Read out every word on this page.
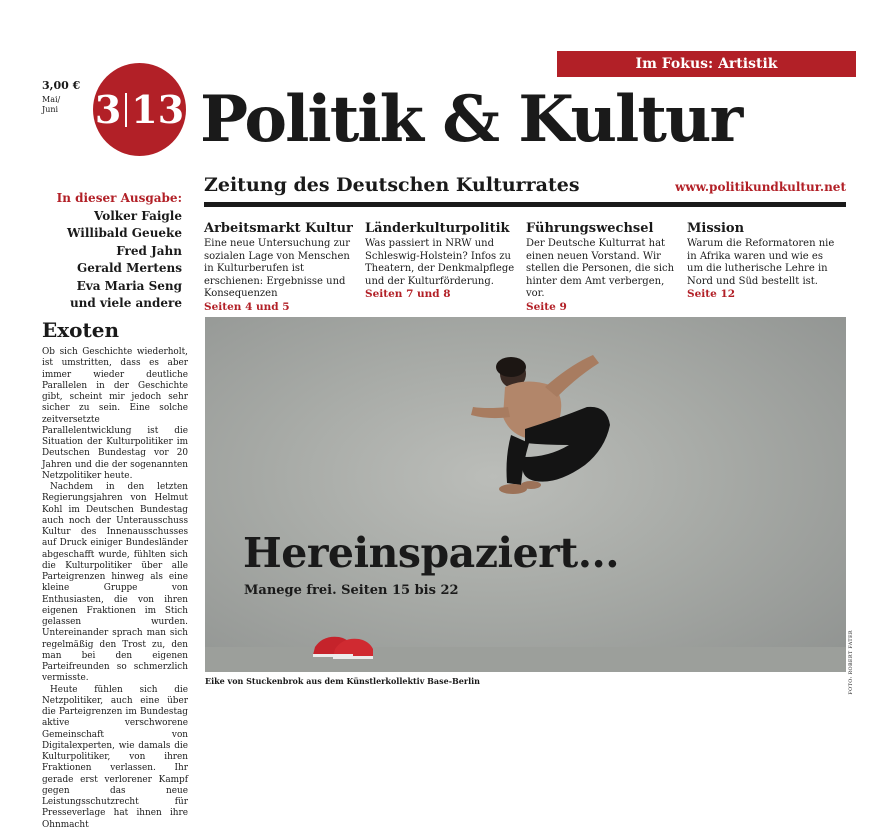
Im Fokus: Artistik
3,00 €
Mai/
Juni 3 13 Politik & Kultur
Zeitung des Deutschen Kulturrates	www.politikundkultur.net
In dieser Ausgabe:
Volker Faigle
Willibald Geueke
Fred Jahn
Gerald Mertens
Eva Maria Seng
und viele andere
Arbeitsmarkt Kultur

Eine neue Untersuchung zur sozialen Lage von Menschen in Kulturberufen ist erschienen: Ergebnisse und Konsequenzen

Seiten 4 und 5
Länderkulturpolitik

Was passiert in NRW und Schleswig-Holstein? Infos zu Theatern, der Denkmalpflege und der Kulturförderung.

Seiten 7 und 8
Führungswechsel

Der Deutsche Kulturrat hat einen neuen Vorstand. Wir stellen die Personen, die sich hinter dem Amt verbergen, vor.

Seite 9
Mission

Warum die Reformatoren nie in Afrika waren und wie es um die lutherische Lehre in Nord und Süd bestellt ist.

Seite 12
Exoten

Ob sich Geschichte wiederholt, ist umstritten, dass es aber immer wieder deutliche Parallelen in der Geschichte gibt, scheint mir jedoch sehr sicher zu sein. Eine solche zeitversetzte Parallelentwicklung ist die Situation der Kulturpolitiker im Deutschen Bundestag vor 20 Jahren und die der sogenannten Netzpolitiker heute.

Nachdem in den letzten Regierungsjahren von Helmut Kohl im Deutschen Bundestag auch noch der Unterausschuss Kultur des Innenausschusses auf Druck einiger Bundesländer abgeschafft wurde, fühlten sich die Kulturpolitiker über alle Parteigrenzen hinweg als eine kleine Gruppe von Enthusiasten, die von ihren eigenen Fraktionen im Stich gelassen wurden. Untereinander sprach man sich regelmäßig den Trost zu, den man bei den eigenen Parteifreunden so schmerzlich vermisste.

Heute fühlen sich die Netzpolitiker, auch eine über die Parteigrenzen im Bundestag aktive verschworene Gemeinschaft von Digitalexperten, wie damals die Kulturpolitiker, von ihren Fraktionen verlassen. Ihr gerade erst verlorener Kampf gegen das neue Leistungsschutzrecht für Presseverlage hat ihnen ihre Ohnmacht

Hereinspaziert...
Manege frei. Seiten 15 bis 22
Eike von Stuckenbrok aus dem Künstlerkollektiv Base-Berlin	FOTO: ROBERT FATER
